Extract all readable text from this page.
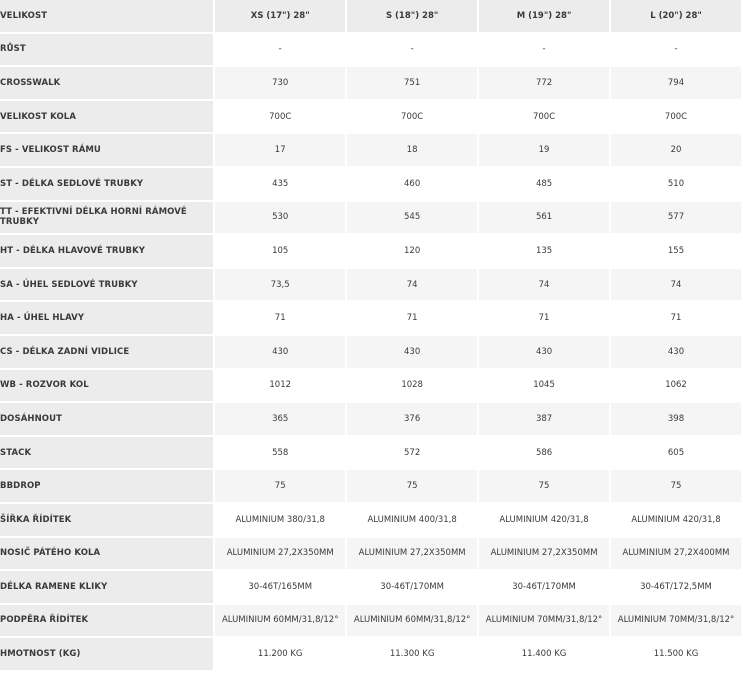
VELIKOST	XS (17") 28"	S (18") 28"	M (19") 28"	L (20") 28"
RŮST	-	-	-	-
CROSSWALK	730	751	772	794
VELIKOST KOLA	700C	700C	700C	700C
FS - VELIKOST RÁMU	17	18	19	20
ST - DÉLKA SEDLOVÉ TRUBKY	435	460	485	510
TT - EFEKTIVNÍ DÉLKA HORNÍ RÁMOVÉ TRUBKY	530	545	561	577
HT - DÉLKA HLAVOVÉ TRUBKY	105	120	135	155
SA - ÚHEL SEDLOVÉ TRUBKY	73,5	74	74	74
HA - ÚHEL HLAVY	71	71	71	71
CS - DÉLKA ZADNÍ VIDLICE	430	430	430	430
WB - ROZVOR KOL	1012	1028	1045	1062
DOSÁHNOUT	365	376	387	398
STACK	558	572	586	605
BBDROP	75	75	75	75
ŠÍŘKA ŘÍDÍTEK	ALUMINIUM 380/31,8	ALUMINIUM 400/31,8	ALUMINIUM 420/31,8	ALUMINIUM 420/31,8
NOSIČ PÁTÉHO KOLA	ALUMINIUM 27,2X350MM	ALUMINIUM 27,2X350MM	ALUMINIUM 27,2X350MM	ALUMINIUM 27,2X400MM
DÉLKA RAMENE KLIKY	30-46T/165MM	30-46T/170MM	30-46T/170MM	30-46T/172,5MM
PODPĚRA ŘÍDÍTEK	ALUMINIUM 60MM/31,8/12°	ALUMINIUM 60MM/31,8/12°	ALUMINIUM 70MM/31,8/12°	ALUMINIUM 70MM/31,8/12°
HMOTNOST (KG)	11.200 KG	11.300 KG	11.400 KG	11.500 KG
